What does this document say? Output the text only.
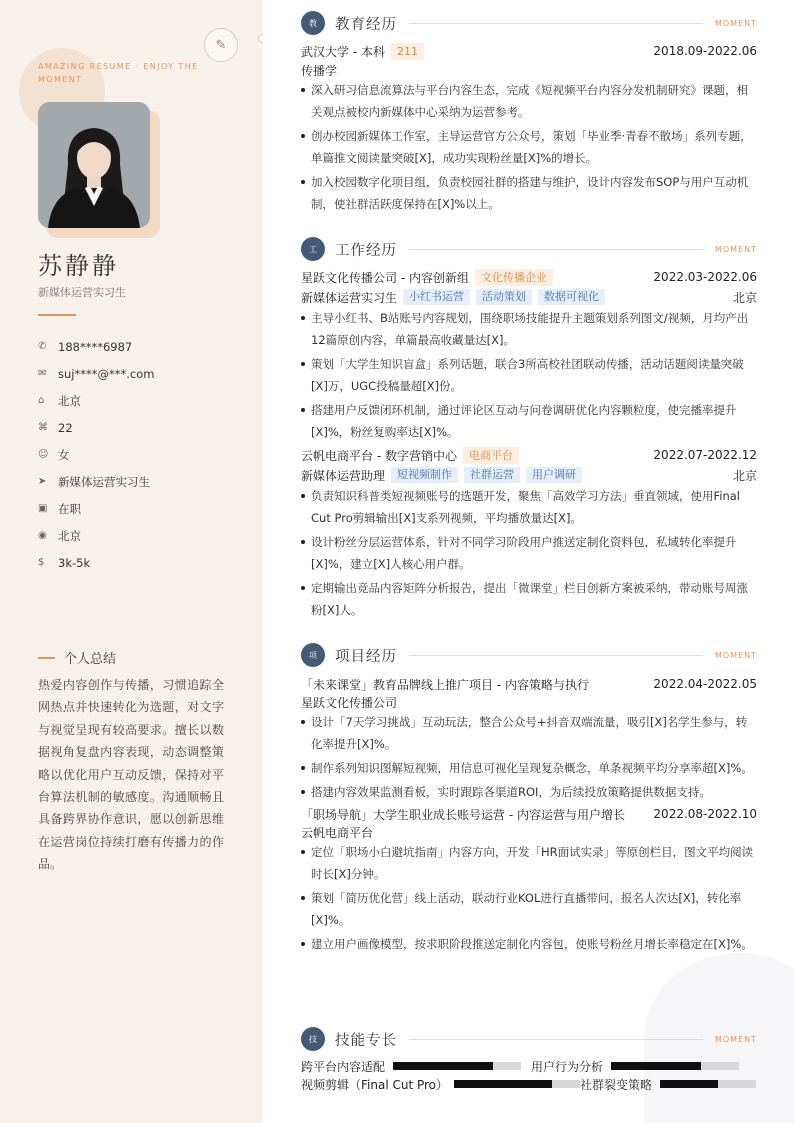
✎
AMAZING RESUME · ENJOY THE MOMENT
苏静静
新媒体运营实习生
✆	188****6987
✉	suj****@***.com
⌂	北京
⌘ 22
☺ 女
➤	新媒体运营实习生
▣ 在职
◉ 北京
$	3k-5k
个人总结
热爱内容创作与传播，习惯追踪全网热点并快速转化为选题，对文字与视觉呈现有较高要求。擅长以数据视角复盘内容表现，动态调整策略以优化用户互动反馈，保持对平台算法机制的敏感度。沟通顺畅且具备跨界协作意识，愿以创新思维在运营岗位持续打磨有传播力的作品。
教	教育经历	MOMENT
武汉大学 - 本科	211	2018.09-2022.06
传播学
深入研习信息流算法与平台内容生态，完成《短视频平台内容分发机制研究》课题，相关观点被校内新媒体中心采纳为运营参考。
创办校园新媒体工作室，主导运营官方公众号，策划「毕业季·青春不散场」系列专题，单篇推文阅读量突破[X]，成功实现粉丝量[X]%的增长。
加入校园数字化项目组，负责校园社群的搭建与维护，设计内容发布SOP与用户互动机制，使社群活跃度保持在[X]%以上。
工	工作经历	MOMENT
星跃文化传播公司 - 内容创新组	文化传播企业	2022.03-2022.06
新媒体运营实习生	小红书运营	活动策划	数据可视化	北京
主导小红书、B站账号内容规划，围绕职场技能提升主题策划系列图文/视频，月均产出12篇原创内容，单篇最高收藏量达[X]。
策划「大学生知识盲盒」系列话题，联合3所高校社团联动传播，活动话题阅读量突破[X]万，UGC投稿量超[X]份。
搭建用户反馈闭环机制，通过评论区互动与问卷调研优化内容颗粒度，使完播率提升[X]%，粉丝复购率达[X]%。
云帆电商平台 - 数字营销中心	电商平台	2022.07-2022.12
新媒体运营助理	短视频制作	社群运营	用户调研	北京
负责知识科普类短视频账号的选题开发，聚焦「高效学习方法」垂直领域，使用Final Cut Pro剪辑输出[X]支系列视频，平均播放量达[X]。
设计粉丝分层运营体系，针对不同学习阶段用户推送定制化资料包，私域转化率提升[X]%，建立[X]人核心用户群。
定期输出竞品内容矩阵分析报告，提出「微课堂」栏目创新方案被采纳，带动账号周涨粉[X]人。
项	项目经历	MOMENT
「未来课堂」教育品牌线上推广项目 - 内容策略与执行	2022.04-2022.05
星跃文化传播公司
设计「7天学习挑战」互动玩法，整合公众号+抖音双端流量，吸引[X]名学生参与，转化率提升[X]%。
制作系列知识图解短视频，用信息可视化呈现复杂概念，单条视频平均分享率超[X]%。
搭建内容效果监测看板，实时跟踪各渠道ROI，为后续投放策略提供数据支持。
「职场导航」大学生职业成长账号运营 - 内容运营与用户增长 2022.08-2022.10
云帆电商平台
定位「职场小白避坑指南」内容方向，开发「HR面试实录」等原创栏目，图文平均阅读时长[X]分钟。
策划「简历优化营」线上活动，联动行业KOL进行直播带问，报名人次达[X]，转化率[X]%。
建立用户画像模型，按求职阶段推送定制化内容包，使账号粉丝月增长率稳定在[X]%。
技	技能专长	MOMENT
跨平台内容适配	用户行为分析
视频剪辑（Final Cut Pro）	社群裂变策略
